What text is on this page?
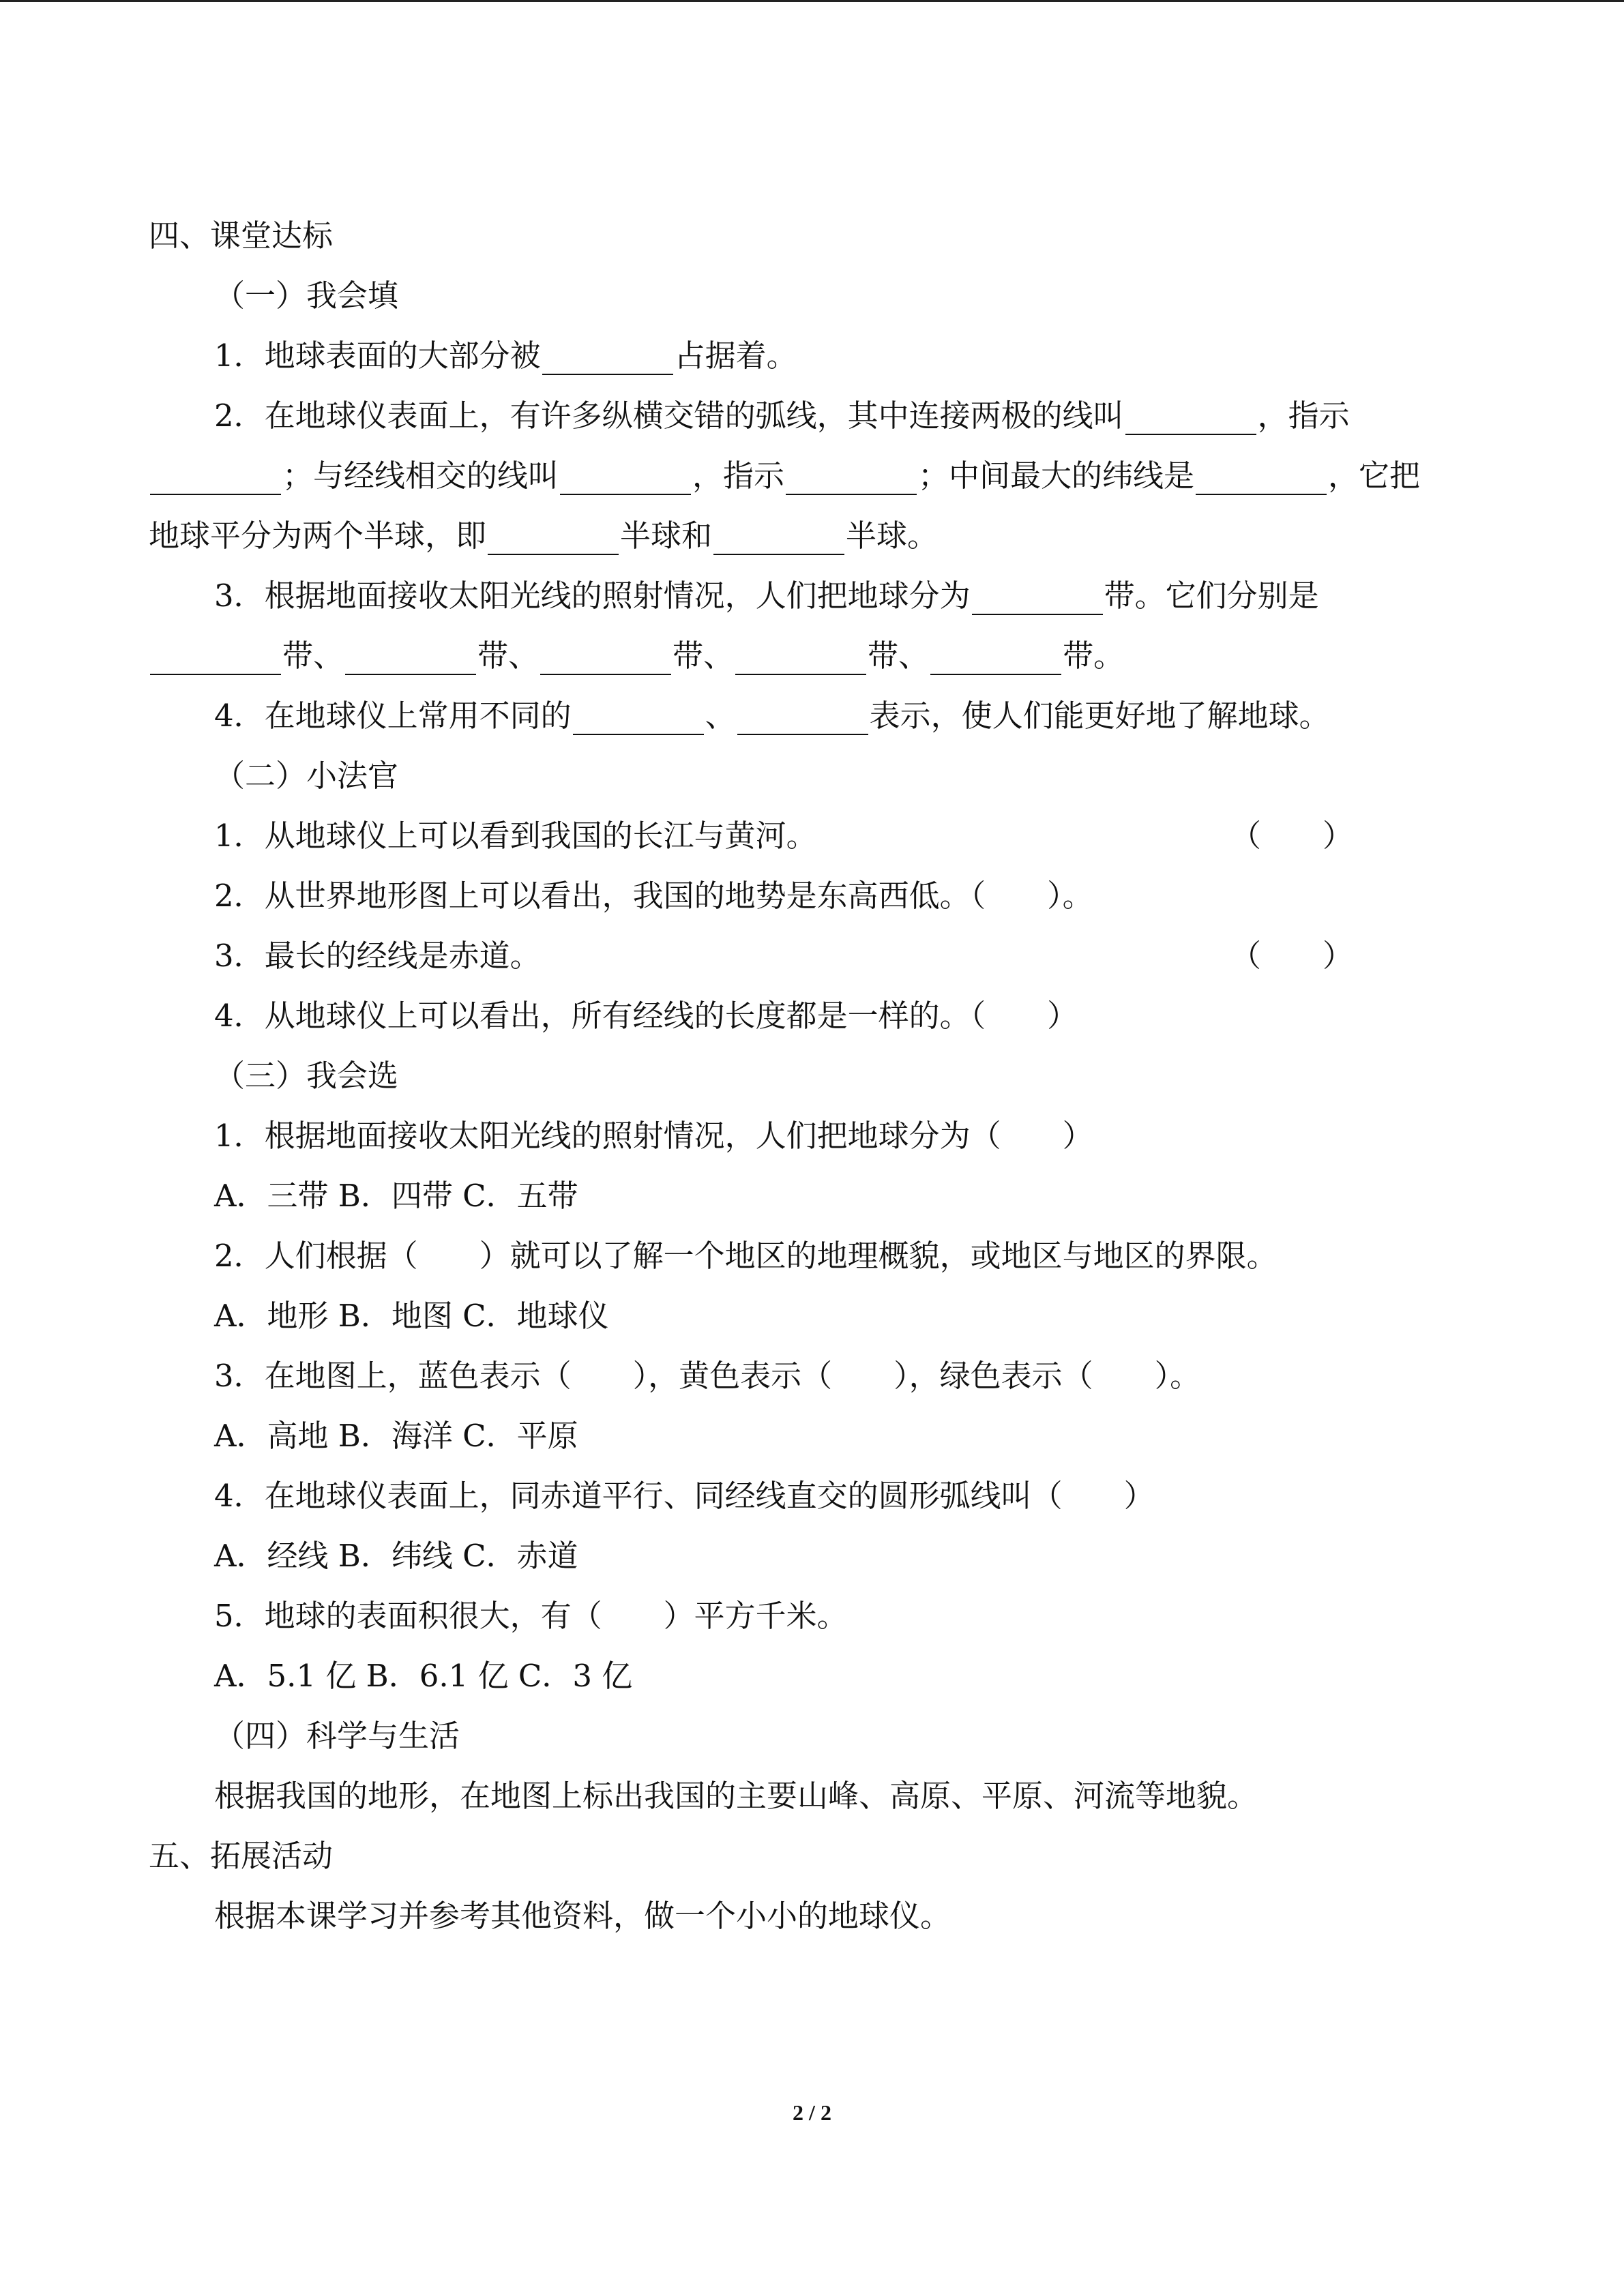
四、课堂达标
（一）我会填
1．地球表面的大部分被	占据着。
2．在地球仪表面上，有许多纵横交错的弧线，其中连接两极的线叫	，指示
；与经线相交的线叫	，指示	；中间最大的纬线是	，它把
地球平分为两个半球，即	半球和	半球。
3．根据地面接收太阳光线的照射情况，人们把地球分为	带。它们分别是
带、	带、	带、	带、	带。
4．在地球仪上常用不同的	、	表示，使人们能更好地了解地球。
（二）小法官
1．从地球仪上可以看到我国的长江与黄河。	（　　）
2．从世界地形图上可以看出，我国的地势是东高西低。（　　）。
3．最长的经线是赤道。	（　　）
4．从地球仪上可以看出，所有经线的长度都是一样的。（　　）
（三）我会选
1．根据地面接收太阳光线的照射情况，人们把地球分为（　　）
A．三带 B．四带 C．五带
2．人们根据（　　）就可以了解一个地区的地理概貌，或地区与地区的界限。
A．地形 B．地图 C．地球仪
3．在地图上，蓝色表示（　　），黄色表示（　　），绿色表示（　　）。
A．高地 B．海洋 C．平原
4．在地球仪表面上，同赤道平行、同经线直交的圆形弧线叫（　　）
A．经线 B．纬线 C．赤道
5．地球的表面积很大，有（　　）平方千米。
A．5.1 亿 B．6.1 亿 C．3 亿
（四）科学与生活
根据我国的地形，在地图上标出我国的主要山峰、高原、平原、河流等地貌。
五、拓展活动
根据本课学习并参考其他资料，做一个小小的地球仪。
2 / 2
